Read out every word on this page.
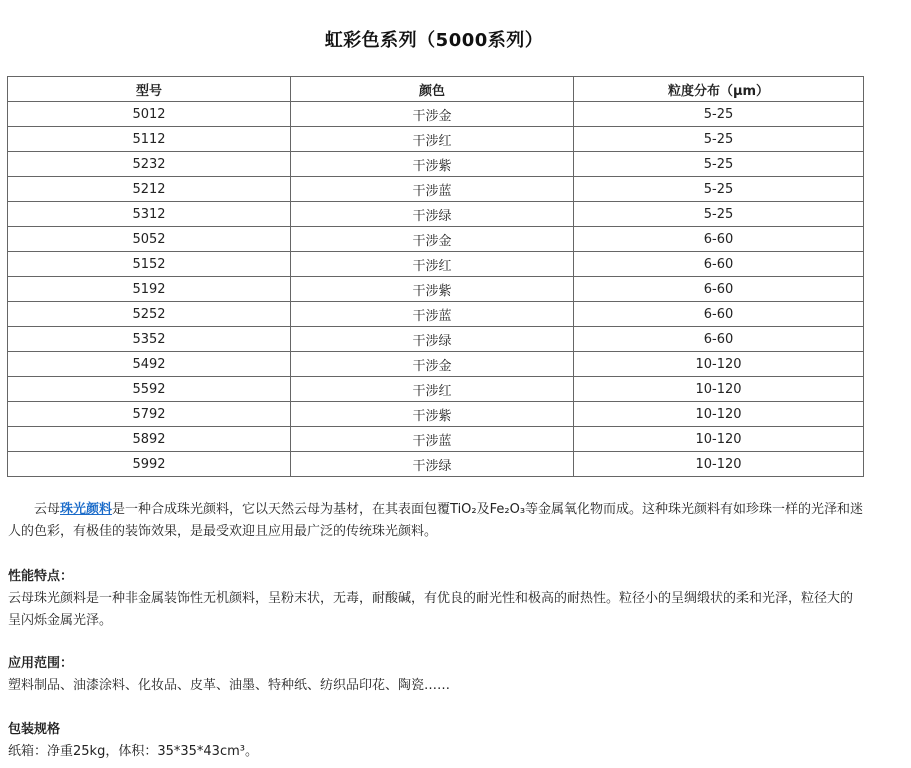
虹彩色系列（5000系列）
型号	颜色	粒度分布（μm）
5012	干涉金	5-25
5112	干涉红	5-25
5232	干涉紫	5-25
5212	干涉蓝	5-25
5312	干涉绿	5-25
5052	干涉金	6-60
5152	干涉红	6-60
5192	干涉紫	6-60
5252	干涉蓝	6-60
5352	干涉绿	6-60
5492	干涉金	10-120
5592	干涉红	10-120
5792	干涉紫	10-120
5892	干涉蓝	10-120
5992	干涉绿	10-120
云母珠光颜料是一种合成珠光颜料，它以天然云母为基材，在其表面包覆TiO₂及Fe₂O₃等金属氧化物而成。这种珠光颜料有如珍珠一样的光泽和迷人的色彩，有极佳的装饰效果，是最受欢迎且应用最广泛的传统珠光颜料。
性能特点：
云母珠光颜料是一种非金属装饰性无机颜料，呈粉末状，无毒，耐酸碱，有优良的耐光性和极高的耐热性。粒径小的呈绸缎状的柔和光泽，粒径大的呈闪烁金属光泽。
应用范围：
塑料制品、油漆涂料、化妆品、皮革、油墨、特种纸、纺织品印花、陶瓷……
包装规格
纸箱：净重25kg，体积：35*35*43cm³。
